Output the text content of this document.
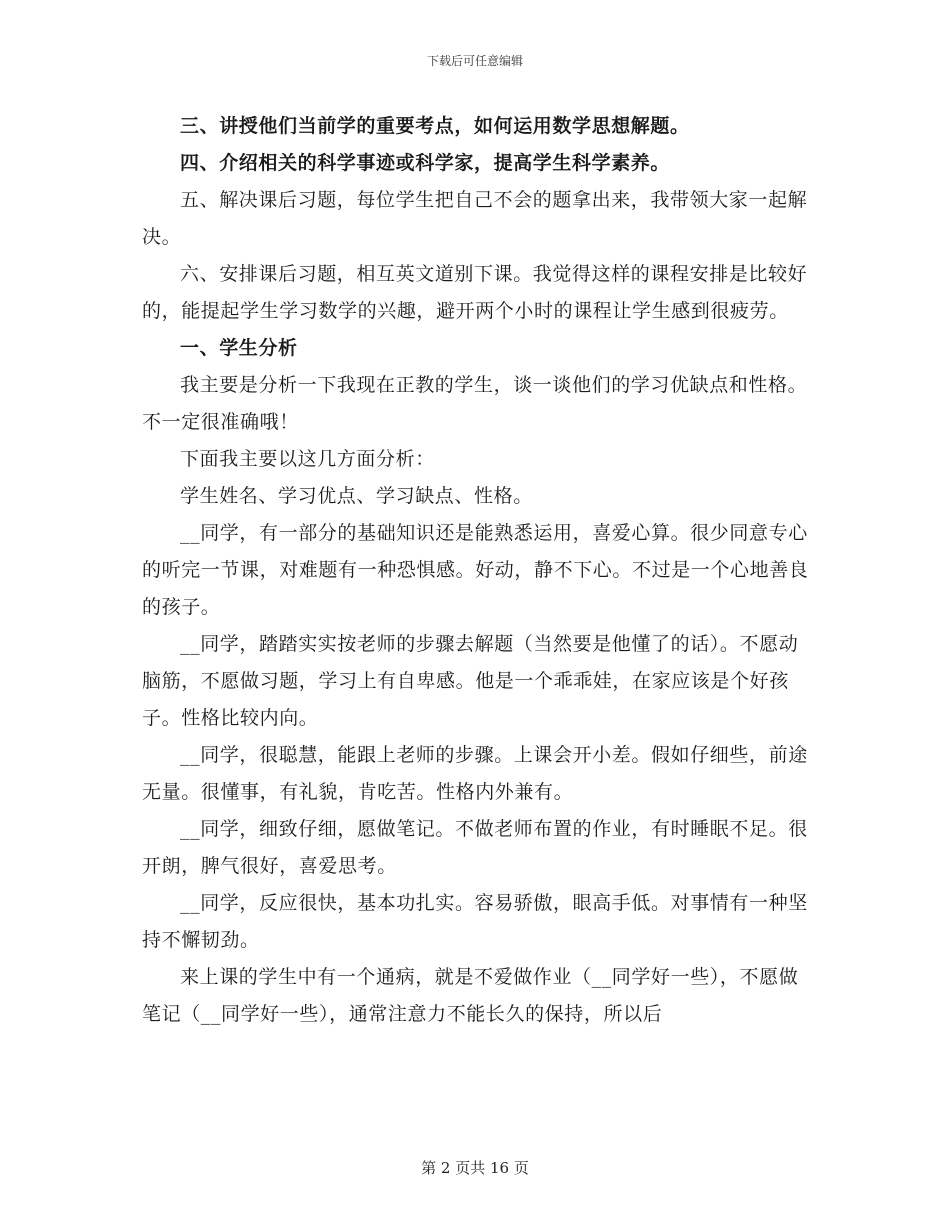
下载后可任意编辑

三、讲授他们当前学的重要考点，如何运用数学思想解题。

四、介绍相关的科学事迹或科学家，提高学生科学素养。

五、解决课后习题，每位学生把自己不会的题拿出来，我带领大家一起解决。

六、安排课后习题，相互英文道别下课。我觉得这样的课程安排是比较好的，能提起学生学习数学的兴趣，避开两个小时的课程让学生感到很疲劳。

一、学生分析

我主要是分析一下我现在正教的学生，谈一谈他们的学习优缺点和性格。不一定很准确哦！

下面我主要以这几方面分析：

学生姓名、学习优点、学习缺点、性格。

__同学，有一部分的基础知识还是能熟悉运用，喜爱心算。很少同意专心的听完一节课，对难题有一种恐惧感。好动，静不下心。不过是一个心地善良的孩子。

__同学，踏踏实实按老师的步骤去解题（当然要是他懂了的话）。不愿动脑筋，不愿做习题，学习上有自卑感。他是一个乖乖娃，在家应该是个好孩子。性格比较内向。

__同学，很聪慧，能跟上老师的步骤。上课会开小差。假如仔细些，前途无量。很懂事，有礼貌，肯吃苦。性格内外兼有。

__同学，细致仔细，愿做笔记。不做老师布置的作业，有时睡眠不足。很开朗，脾气很好，喜爱思考。

__同学，反应很快，基本功扎实。容易骄傲，眼高手低。对事情有一种坚持不懈韧劲。

来上课的学生中有一个通病，就是不爱做作业（__同学好一些），不愿做笔记（__同学好一些），通常注意力不能长久的保持，所以后

第 2 页共 16 页
